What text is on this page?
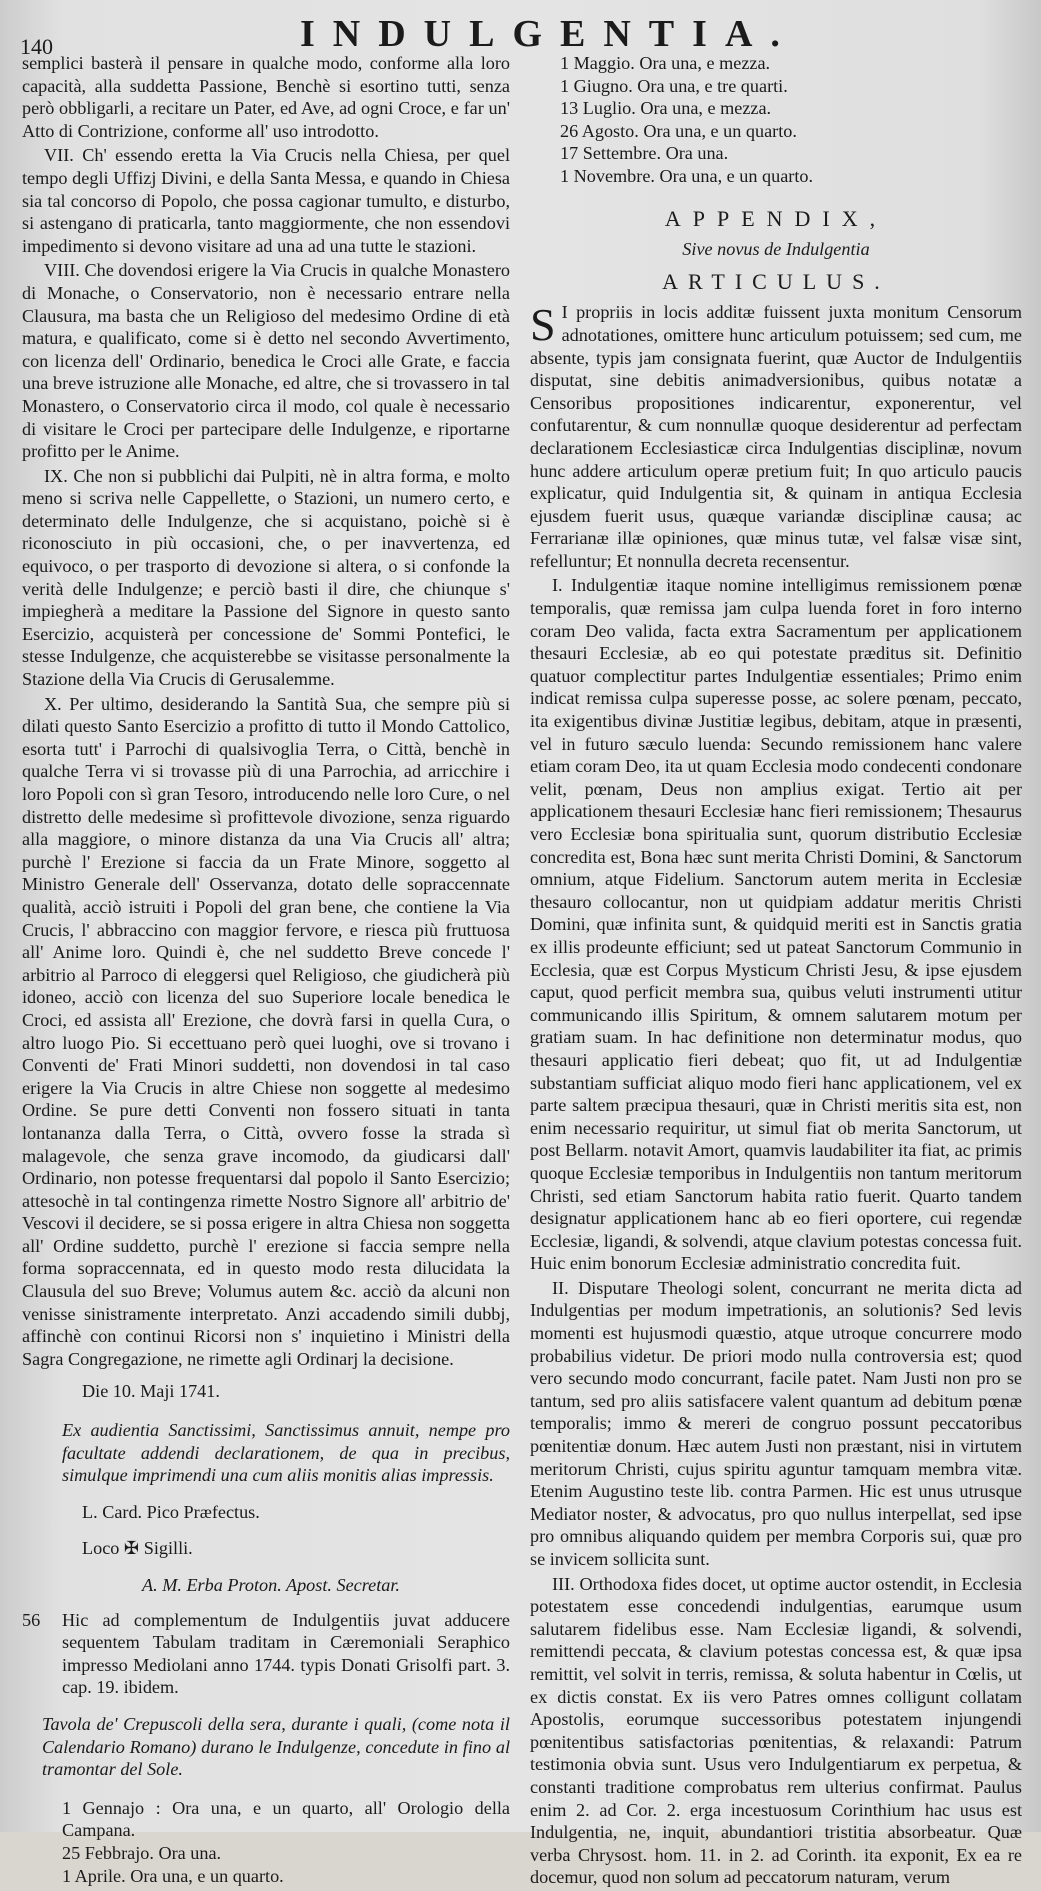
140	INDULGENTIA.

semplici basterà il pensare in qualche modo, conforme alla loro capacità, alla suddetta Passione, Benchè si esortino tutti, senza però obbligarli, a recitare un Pater, ed Ave, ad ogni Croce, e far un' Atto di Contrizione, conforme all' uso introdotto.

VII. Ch' essendo eretta la Via Crucis nella Chiesa, per quel tempo degli Uffizj Divini, e della Santa Messa, e quando in Chiesa sia tal concorso di Popolo, che possa cagionar tumulto, e disturbo, si astengano di praticarla, tanto maggiormente, che non essendovi impedimento si devono visitare ad una ad una tutte le stazioni.

VIII. Che dovendosi erigere la Via Crucis in qualche Monastero di Monache, o Conservatorio, non è necessario entrare nella Clausura, ma basta che un Religioso del medesimo Ordine di età matura, e qualificato, come si è detto nel secondo Avvertimento, con licenza dell' Ordinario, benedica le Croci alle Grate, e faccia una breve istruzione alle Monache, ed altre, che si trovassero in tal Monastero, o Conservatorio circa il modo, col quale è necessario di visitare le Croci per partecipare delle Indulgenze, e riportarne profitto per le Anime.

IX. Che non si pubblichi dai Pulpiti, nè in altra forma, e molto meno si scriva nelle Cappellette, o Stazioni, un numero certo, e determinato delle Indulgenze, che si acquistano, poichè si è riconosciuto in più occasioni, che, o per inavvertenza, ed equivoco, o per trasporto di devozione si altera, o si confonde la verità delle Indulgenze; e perciò basti il dire, che chiunque s' impiegherà a meditare la Passione del Signore in questo santo Esercizio, acquisterà per concessione de' Sommi Pontefici, le stesse Indulgenze, che acquisterebbe se visitasse personalmente la Stazione della Via Crucis di Gerusalemme.

X. Per ultimo, desiderando la Santità Sua, che sempre più si dilati questo Santo Esercizio a profitto di tutto il Mondo Cattolico, esorta tutt' i Parrochi di qualsivoglia Terra, o Città, benchè in qualche Terra vi si trovasse più di una Parrochia, ad arricchire i loro Popoli con sì gran Tesoro, introducendo nelle loro Cure, o nel distretto delle medesime sì profittevole divozione, senza riguardo alla maggiore, o minore distanza da una Via Crucis all' altra; purchè l' Erezione si faccia da un Frate Minore, soggetto al Ministro Generale dell' Osservanza, dotato delle sopraccennate qualità, acciò istruiti i Popoli del gran bene, che contiene la Via Crucis, l' abbraccino con maggior fervore, e riesca più fruttuosa all' Anime loro. Quindi è, che nel suddetto Breve concede l' arbitrio al Parroco di eleggersi quel Religioso, che giudicherà più idoneo, acciò con licenza del suo Superiore locale benedica le Croci, ed assista all' Erezione, che dovrà farsi in quella Cura, o altro luogo Pio. Si eccettuano però quei luoghi, ove si trovano i Conventi de' Frati Minori suddetti, non dovendosi in tal caso erigere la Via Crucis in altre Chiese non soggette al medesimo Ordine. Se pure detti Conventi non fossero situati in tanta lontananza dalla Terra, o Città, ovvero fosse la strada sì malagevole, che senza grave incomodo, da giudicarsi dall' Ordinario, non potesse frequentarsi dal popolo il Santo Esercizio; attesochè in tal contingenza rimette Nostro Signore all' arbitrio de' Vescovi il decidere, se si possa erigere in altra Chiesa non soggetta all' Ordine suddetto, purchè l' erezione si faccia sempre nella forma sopraccennata, ed in questo modo resta dilucidata la Clausula del suo Breve; Volumus autem &c. acciò da alcuni non venisse sinistramente interpretato. Anzi accadendo simili dubbj, affinchè con continui Ricorsi non s' inquietino i Ministri della Sagra Congregazione, ne rimette agli Ordinarj la decisione.

Die 10. Maji 1741.

Ex audientia Sanctissimi, Sanctissimus annuit, nempe pro facultate addendi declarationem, de qua in precibus, simulque imprimendi una cum aliis monitis alias impressis.

L. Card. Pico Præfectus.

Loco ✠ Sigilli.

A. M. Erba Proton. Apost. Secretar.

56 Hic ad complementum de Indulgentiis juvat adducere sequentem Tabulam traditam in Cæremoniali Seraphico impresso Mediolani anno 1744. typis Donati Grisolfi part. 3. cap. 19. ibidem.

Tavola de' Crepuscoli della sera, durante i quali, (come nota il Calendario Romano) durano le Indulgenze, concedute in fino al tramontar del Sole.

1 Gennajo : Ora una, e un quarto, all' Orologio della Campana.
25 Febbrajo. Ora una.
1 Aprile. Ora una, e un quarto.
1 Maggio. Ora una, e mezza.
1 Giugno. Ora una, e tre quarti.
13 Luglio. Ora una, e mezza.
26 Agosto. Ora una, e un quarto.
17 Settembre. Ora una.
1 Novembre. Ora una, e un quarto.
APPENDIX,
Sive novus de Indulgentia
ARTICULUS.

S I propriis in locis additæ fuissent juxta monitum Censorum adnotationes, omittere hunc articulum potuissem; sed cum, me absente, typis jam consignata fuerint, quæ Auctor de Indulgentiis disputat, sine debitis animadversionibus, quibus notatæ a Censoribus propositiones indicarentur, exponerentur, vel confutarentur, & cum nonnullæ quoque desiderentur ad perfectam declarationem Ecclesiasticæ circa Indulgentias disciplinæ, novum hunc addere articulum operæ pretium fuit; In quo articulo paucis explicatur, quid Indulgentia sit, & quinam in antiqua Ecclesia ejusdem fuerit usus, quæque variandæ disciplinæ causa; ac Ferrarianæ illæ opiniones, quæ minus tutæ, vel falsæ visæ sint, refelluntur; Et nonnulla decreta recensentur.

I. Indulgentiæ itaque nomine intelligimus remissionem pœnæ temporalis, quæ remissa jam culpa luenda foret in foro interno coram Deo valida, facta extra Sacramentum per applicationem thesauri Ecclesiæ, ab eo qui potestate præditus sit. Definitio quatuor complectitur partes Indulgentiæ essentiales; Primo enim indicat remissa culpa superesse posse, ac solere pœnam, peccato, ita exigentibus divinæ Justitiæ legibus, debitam, atque in præsenti, vel in futuro sæculo luenda: Secundo remissionem hanc valere etiam coram Deo, ita ut quam Ecclesia modo condecenti condonare velit, pœnam, Deus non amplius exigat. Tertio ait per applicationem thesauri Ecclesiæ hanc fieri remissionem; Thesaurus vero Ecclesiæ bona spiritualia sunt, quorum distributio Ecclesiæ concredita est, Bona hæc sunt merita Christi Domini, & Sanctorum omnium, atque Fidelium. Sanctorum autem merita in Ecclesiæ thesauro collocantur, non ut quidpiam addatur meritis Christi Domini, quæ infinita sunt, & quidquid meriti est in Sanctis gratia ex illis prodeunte efficiunt; sed ut pateat Sanctorum Communio in Ecclesia, quæ est Corpus Mysticum Christi Jesu, & ipse ejusdem caput, quod perficit membra sua, quibus veluti instrumenti utitur communicando illis Spiritum, & omnem salutarem motum per gratiam suam. In hac definitione non determinatur modus, quo thesauri applicatio fieri debeat; quo fit, ut ad Indulgentiæ substantiam sufficiat aliquo modo fieri hanc applicationem, vel ex parte saltem præcipua thesauri, quæ in Christi meritis sita est, non enim necessario requiritur, ut simul fiat ob merita Sanctorum, ut post Bellarm. notavit Amort, quamvis laudabiliter ita fiat, ac primis quoque Ecclesiæ temporibus in Indulgentiis non tantum meritorum Christi, sed etiam Sanctorum habita ratio fuerit. Quarto tandem designatur applicationem hanc ab eo fieri oportere, cui regendæ Ecclesiæ, ligandi, & solvendi, atque clavium potestas concessa fuit. Huic enim bonorum Ecclesiæ administratio concredita fuit.

II. Disputare Theologi solent, concurrant ne merita dicta ad Indulgentias per modum impetrationis, an solutionis? Sed levis momenti est hujusmodi quæstio, atque utroque concurrere modo probabilius videtur. De priori modo nulla controversia est; quod vero secundo modo concurrant, facile patet. Nam Justi non pro se tantum, sed pro aliis satisfacere valent quantum ad debitum pœnæ temporalis; immo & mereri de congruo possunt peccatoribus pœnitentiæ donum. Hæc autem Justi non præstant, nisi in virtutem meritorum Christi, cujus spiritu aguntur tamquam membra vitæ. Etenim Augustino teste lib. contra Parmen. Hic est unus utrusque Mediator noster, & advocatus, pro quo nullus interpellat, sed ipse pro omnibus aliquando quidem per membra Corporis sui, quæ pro se invicem sollicita sunt.

III. Orthodoxa fides docet, ut optime auctor ostendit, in Ecclesia potestatem esse concedendi indulgentias, earumque usum salutarem fidelibus esse. Nam Ecclesiæ ligandi, & solvendi, remittendi peccata, & clavium potestas concessa est, & quæ ipsa remittit, vel solvit in terris, remissa, & soluta habentur in Cœlis, ut ex dictis constat. Ex iis vero Patres omnes colligunt collatam Apostolis, eorumque successoribus potestatem injungendi pœnitentibus satisfactorias pœnitentias, & relaxandi: Patrum testimonia obvia sunt. Usus vero Indulgentiarum ex perpetua, & constanti traditione comprobatus rem ulterius confirmat. Paulus enim 2. ad Cor. 2. erga incestuosum Corinthium hac usus est Indulgentia, ne, inquit, abundantiori tristitia absorbeatur. Quæ verba Chrysost. hom. 11. in 2. ad Corinth. ita exponit, Ex ea re docemur, quod non solum ad peccatorum naturam, verum
